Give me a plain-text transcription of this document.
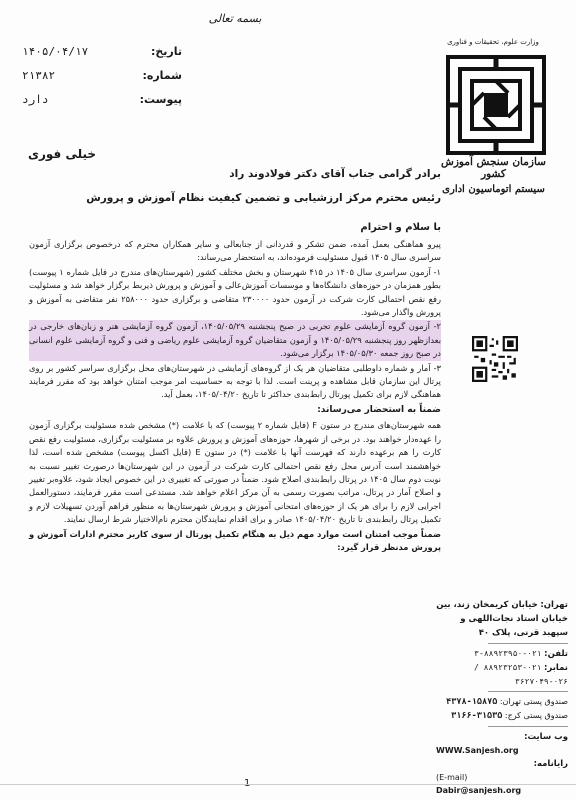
بسمه تعالی
وزارت علوم، تحقیقات و فناوری
تاریخ:
۱۴۰۵/۰۴/۱۷
شماره:
۲۱۳۸۲
پیوست:
دارد
سازمان سنجش آموزش کشور
سیستم اتوماسیون اداری
خیلی فوری
برادر گرامی جناب آقای دکتر فولادوند راد
رئیس محترم مرکز ارزشیابی و تضمین کیفیت نظام آموزش و پرورش
با سلام و احترام

پیرو هماهنگی بعمل آمده، ضمن تشکر و قدردانی از جنابعالی و سایر همکاران محترم که درخصوص برگزاری آزمون سراسری سال ۱۴۰۵ قبول مسئولیت فرموده‌اند، به استحضار می‌رساند:

۱- آزمون سراسری سال ۱۴۰۵ در ۴۱۵ شهرستان و بخش مختلف کشور (شهرستان‌های مندرج در فایل شماره ۱ پیوست) بطور همزمان در حوزه‌های دانشگاه‌ها و موسسات آموزش‌عالی و آموزش و پرورش ذیربط برگزار خواهد شد و مسئولیت رفع نقص احتمالی کارت شرکت در آزمون حدود ۲۳۰۰۰۰ متقاضی و برگزاری حدود ۲۵۸۰۰۰ نفر متقاضی به آموزش و پرورش واگذار می‌شود.

۲- آزمون گروه آزمایشی علوم تجربی در صبح پنجشنبه ۱۴۰۵/۰۵/۲۹، آزمون گروه آزمایشی هنر و زبان‌های خارجی در بعدازظهر روز پنجشنبه ۱۴۰۵/۰۵/۲۹ و آزمون متقاضیان گروه آزمایشی علوم ریاضی و فنی و گروه آزمایشی علوم انسانی در صبح روز جمعه ۱۴۰۵/۰۵/۳۰ برگزار می‌شود.

۳- آمار و شماره داوطلبی متقاضیان هر یک از گروه‌های آزمایشی در شهرستان‌های محل برگزاری سراسر کشور بر روی پرتال این سازمان قابل مشاهده و پرینت است. لذا با توجه به حساسیت امر موجب امتنان خواهد بود که مقرر فرمایند هماهنگی لازم برای تکمیل پورتال رابط‌بندی حداکثر تا تاریخ ۱۴۰۵/۰۴/۲۰، بعمل آید.

ضمناً به استحضار می‌رساند:

همه شهرستان‌های مندرج در ستون F (فایل شماره ۲ پیوست) که با علامت (*) مشخص شده مسئولیت برگزاری آزمون را عهده‌دار خواهند بود. در برخی از شهرها، حوزه‌های آموزش و پرورش علاوه بر مسئولیت برگزاری، مسئولیت رفع نقص کارت را هم برعهده دارند که فهرست آنها با علامت (*) در ستون E (فایل اکسل پیوست) مشخص شده است، لذا خواهشمند است آدرس محل رفع نقص احتمالی کارت شرکت در آزمون در این شهرستان‌ها درصورت تغییر نسبت به نوبت دوم سال ۱۴۰۵ در پرتال رابط‌بندی اصلاح شود. ضمناً در صورتی که تغییری در این خصوص ایجاد شود، علاوه‌بر تغییر و اصلاح آمار در پرتال، مراتب بصورت رسمی به آن مرکز اعلام خواهد شد. مستدعی است مقرر فرمایند، دستورالعمل اجرایی لازم را برای هر یک از حوزه‌های امتحانی آموزش و پرورش شهرستان‌ها به منظور فراهم آوردن تسهیلات لازم و تکمیل پرتال رابط‌بندی تا تاریخ ۱۴۰۵/۰۴/۲۰ صادر و برای اقدام نمایندگان محترم نام‌الاختیار شرط ارسال نمایند.

ضمناً موجب امتنان است موارد مهم ذیل به هنگام تکمیل پورتال از سوی کاربر محترم ادارات آموزش و پرورش مدنظر قرار گیرد:

1
تهران: خیابان کریمخان زند، بین خیابان استاد نجات‌اللهی و سپهبد قرنی، پلاک ۴۰
تلفن: ۰۲۱-۸۸۹۲۳۹۵۰-۳
نمابر: ۰۲۱-۸۸۹۲۳۲۵۳ / ۰۲۶-۳۶۲۷۰۴۹
صندوق پستی تهران: ۱۵۸۷۵-۴۳۷۸
صندوق پستی کرج: ۳۱۵۳۵-۳۱۶۶
وب سایت:
WWW.Sanjesh.org
رایانامه:
(E-mail)
Dabir@sanjesh.org
